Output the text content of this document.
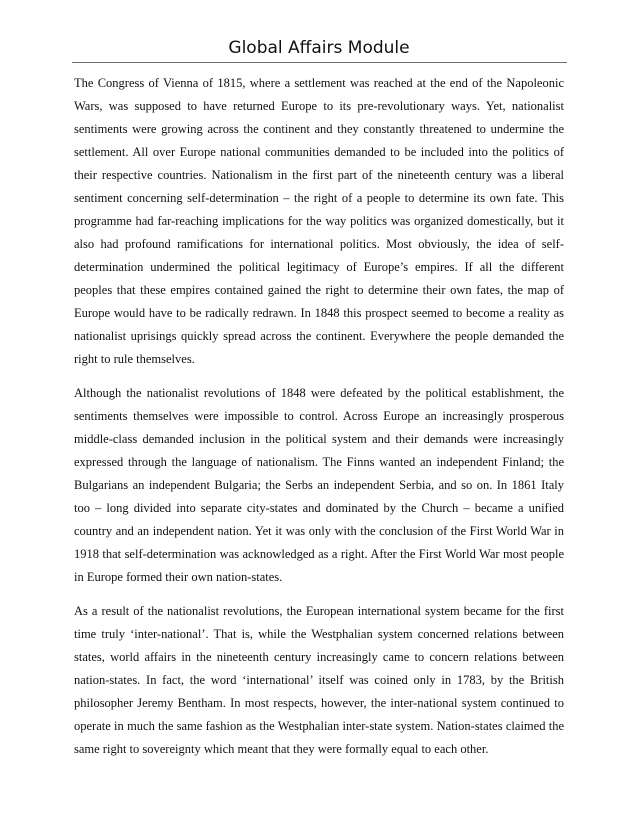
Global Affairs Module

The Congress of Vienna of 1815, where a settlement was reached at the end of the Napoleonic Wars, was supposed to have returned Europe to its pre-revolutionary ways. Yet, nationalist sentiments were growing across the continent and they constantly threatened to undermine the settlement. All over Europe national communities demanded to be included into the politics of their respective countries. Nationalism in the first part of the nineteenth century was a liberal sentiment concerning self-determination – the right of a people to determine its own fate. This programme had far-reaching implications for the way politics was organized domestically, but it also had profound ramifications for international politics. Most obviously, the idea of self-determination undermined the political legitimacy of Europe’s empires. If all the different peoples that these empires contained gained the right to determine their own fates, the map of Europe would have to be radically redrawn. In 1848 this prospect seemed to become a reality as nationalist uprisings quickly spread across the continent. Everywhere the people demanded the right to rule themselves.

Although the nationalist revolutions of 1848 were defeated by the political establishment, the sentiments themselves were impossible to control. Across Europe an increasingly prosperous middle-class demanded inclusion in the political system and their demands were increasingly expressed through the language of nationalism. The Finns wanted an independent Finland; the Bulgarians an independent Bulgaria; the Serbs an independent Serbia, and so on. In 1861 Italy too – long divided into separate city-states and dominated by the Church – became a unified country and an independent nation. Yet it was only with the conclusion of the First World War in 1918 that self-determination was acknowledged as a right. After the First World War most people in Europe formed their own nation-states.

As a result of the nationalist revolutions, the European international system became for the first time truly ‘inter-national’. That is, while the Westphalian system concerned relations between states, world affairs in the nineteenth century increasingly came to concern relations between nation-states. In fact, the word ‘international’ itself was coined only in 1783, by the British philosopher Jeremy Bentham. In most respects, however, the inter-national system continued to operate in much the same fashion as the Westphalian inter-state system. Nation-states claimed the same right to sovereignty which meant that they were formally equal to each other.
